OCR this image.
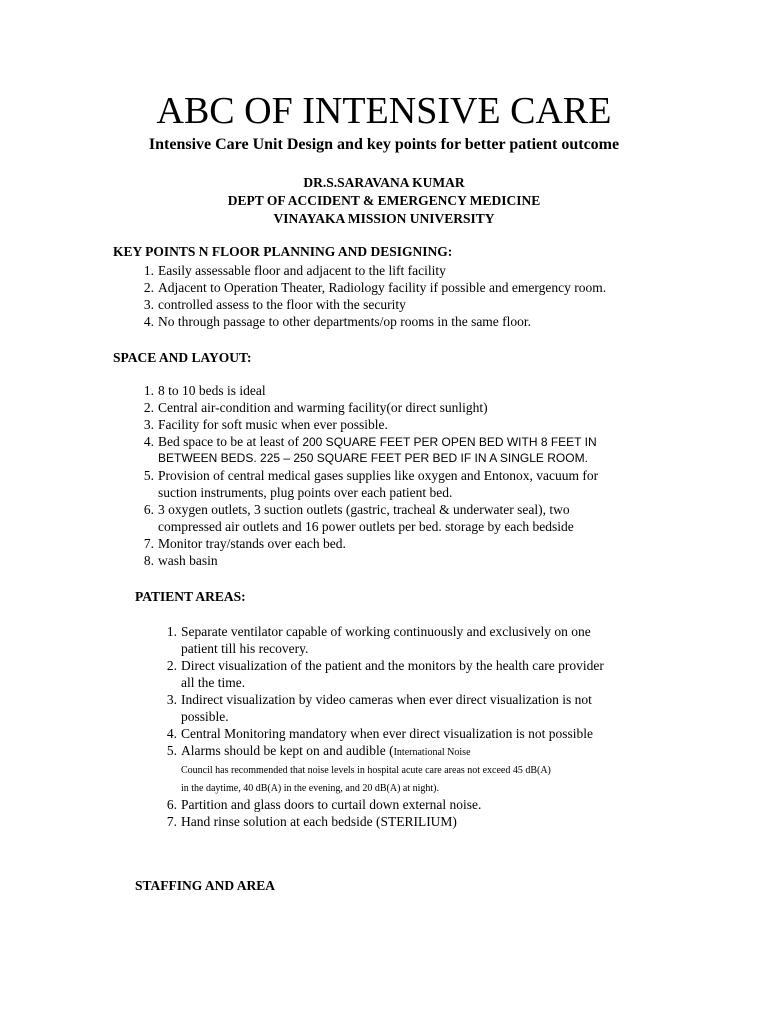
ABC OF INTENSIVE CARE
Intensive Care Unit Design and key points for better patient outcome
DR.S.SARAVANA KUMAR
DEPT OF ACCIDENT & EMERGENCY MEDICINE
VINAYAKA MISSION UNIVERSITY
KEY POINTS N FLOOR PLANNING AND DESIGNING:
1. Easily assessable floor and adjacent to the lift facility
2. Adjacent to Operation Theater, Radiology facility if possible and emergency room.
3. controlled assess to the floor with the security
4. No through passage to other departments/op rooms in the same floor.
SPACE AND LAYOUT:
1. 8 to 10 beds is ideal
2. Central air-condition and warming facility(or direct sunlight)
3. Facility for soft music when ever possible.
4. Bed space to be at least of 200 SQUARE FEET PER OPEN BED WITH 8 FEET IN
BETWEEN BEDS. 225 – 250 SQUARE FEET PER BED IF IN A SINGLE ROOM.
5. Provision of central medical gases supplies like oxygen and Entonox, vacuum for
suction instruments, plug points over each patient bed.
6. 3 oxygen outlets, 3 suction outlets (gastric, tracheal & underwater seal), two
compressed air outlets and 16 power outlets per bed. storage by each bedside
7. Monitor tray/stands over each bed.
8. wash basin
PATIENT AREAS:
1. Separate ventilator capable of working continuously and exclusively on one
patient till his recovery.
2. Direct visualization of the patient and the monitors by the health care provider
all the time.
3. Indirect visualization by video cameras when ever direct visualization is not
possible.
4. Central Monitoring mandatory when ever direct visualization is not possible
5. Alarms should be kept on and audible (International Noise
Council has recommended that noise levels in hospital acute care areas not exceed 45 dB(A)
in the daytime, 40 dB(A) in the evening, and 20 dB(A) at night).
6. Partition and glass doors to curtail down external noise.
7. Hand rinse solution at each bedside (STERILIUM)
STAFFING AND AREA
